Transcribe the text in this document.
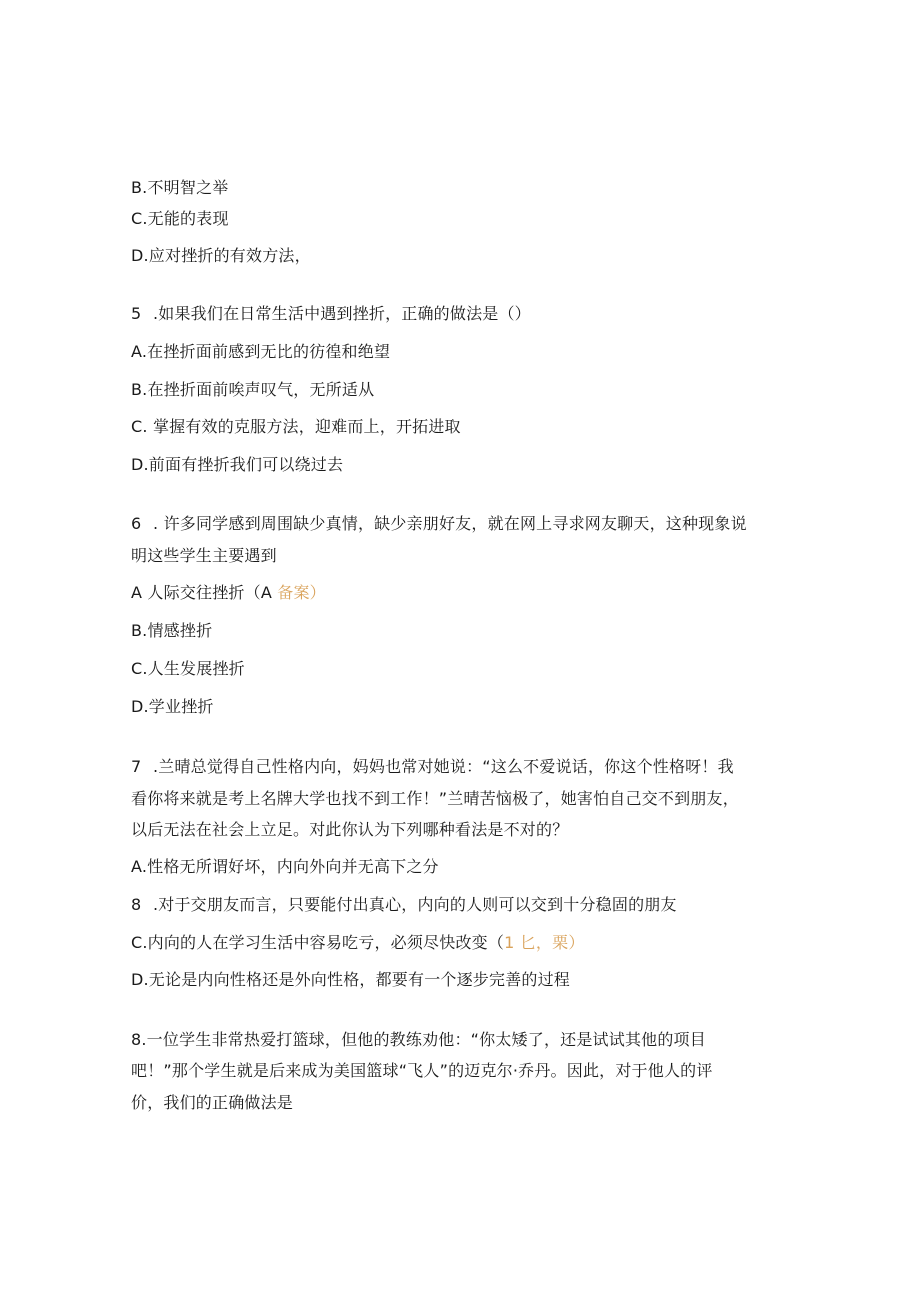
B.不明智之举
C.无能的表现
D.应对挫折的有效方法，
5 .如果我们在日常生活中遇到挫折，正确的做法是（）
A.在挫折面前感到无比的彷徨和绝望
B.在挫折面前唉声叹气，无所适从
C. 掌握有效的克服方法，迎难而上，开拓进取
D.前面有挫折我们可以绕过去
6 . 许多同学感到周围缺少真情，缺少亲朋好友，就在网上寻求网友聊天，这种现象说
明这些学生主要遇到
A 人际交往挫折（A 备案）
B.情感挫折
C.人生发展挫折
D.学业挫折
7 .兰晴总觉得自己性格内向，妈妈也常对她说：“这么不爱说话，你这个性格呀！我
看你将来就是考上名牌大学也找不到工作！”兰晴苦恼极了，她害怕自己交不到朋友，
以后无法在社会上立足。对此你认为下列哪种看法是不对的？
A.性格无所谓好坏，内向外向并无高下之分
8 .对于交朋友而言，只要能付出真心，内向的人则可以交到十分稳固的朋友
C.内向的人在学习生活中容易吃亏，必须尽快改变（1 匕，栗）
D.无论是内向性格还是外向性格，都要有一个逐步完善的过程
8.一位学生非常热爱打篮球，但他的教练劝他：“你太矮了，还是试试其他的项目
吧！”那个学生就是后来成为美国篮球“飞人”的迈克尔·乔丹。因此，对于他人的评
价，我们的正确做法是
